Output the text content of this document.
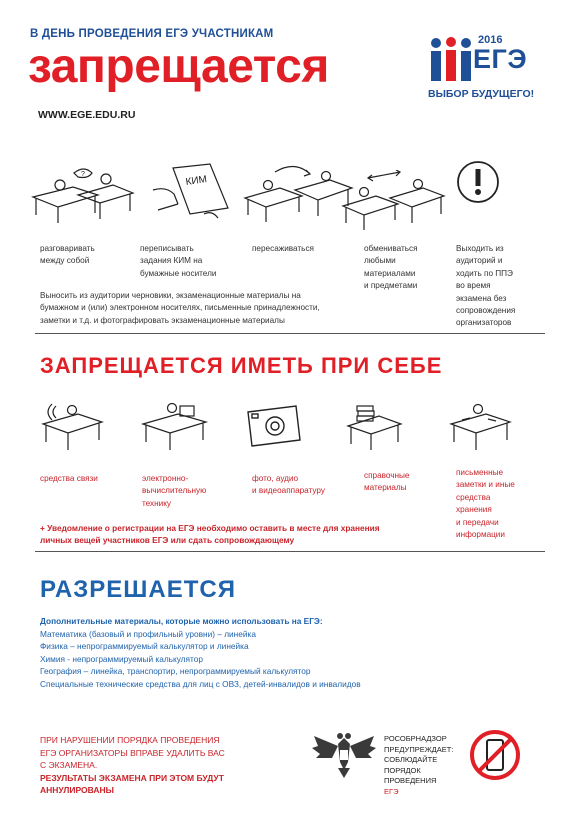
В ДЕНЬ ПРОВЕДЕНИЯ ЕГЭ УЧАСТНИКАМ
запрещается
WWW.EGE.EDU.RU
2016
ЕГЭ
ВЫБОР БУДУЩЕГО!
?	КИМ
разговаривать
между собой
переписывать
задания КИМ на
бумажные носители
пересаживаться	обмениваться
любыми
материалами
и предметами
Выходить из
аудиторий и
ходить по ППЭ
во время
экзамена без
сопровождения
организаторов
Выносить из аудитории черновики, экзаменационные материалы на
бумажном и (или) электронном носителях, письменные принадлежности,
заметки и т.д. и фотографировать экзаменационные материалы
ЗАПРЕЩАЕТСЯ ИМЕТЬ ПРИ СЕБЕ
средства связи	электронно-
вычислительную
технику
фото, аудио
и видеоаппаратуру
справочные
материалы
письменные
заметки и иные
средства
хранения
и передачи
информации
+ Уведомление о регистрации на ЕГЭ необходимо оставить в месте для хранения
личных вещей участников ЕГЭ или сдать сопровождающему
РАЗРЕШАЕТСЯ
Дополнительные материалы, которые можно использовать на ЕГЭ:
Математика (базовый и профильный уровни) – линейка
Физика – непрограммируемый калькулятор и линейка
Химия - непрограммируемый калькулятор
География – линейка, транспортир, непрограммируемый калькулятор
Специальные технические средства для лиц с ОВЗ, детей-инвалидов и инвалидов
ПРИ НАРУШЕНИИ ПОРЯДКА ПРОВЕДЕНИЯ
ЕГЭ ОРГАНИЗАТОРЫ ВПРАВЕ УДАЛИТЬ ВАС
С ЭКЗАМЕНА.
РЕЗУЛЬТАТЫ ЭКЗАМЕНА ПРИ ЭТОМ БУДУТ
АННУЛИРОВАНЫ
РОСОБРНАДЗОР
ПРЕДУПРЕЖДАЕТ:
СОБЛЮДАЙТЕ
ПОРЯДОК
ПРОВЕДЕНИЯ
ЕГЭ
